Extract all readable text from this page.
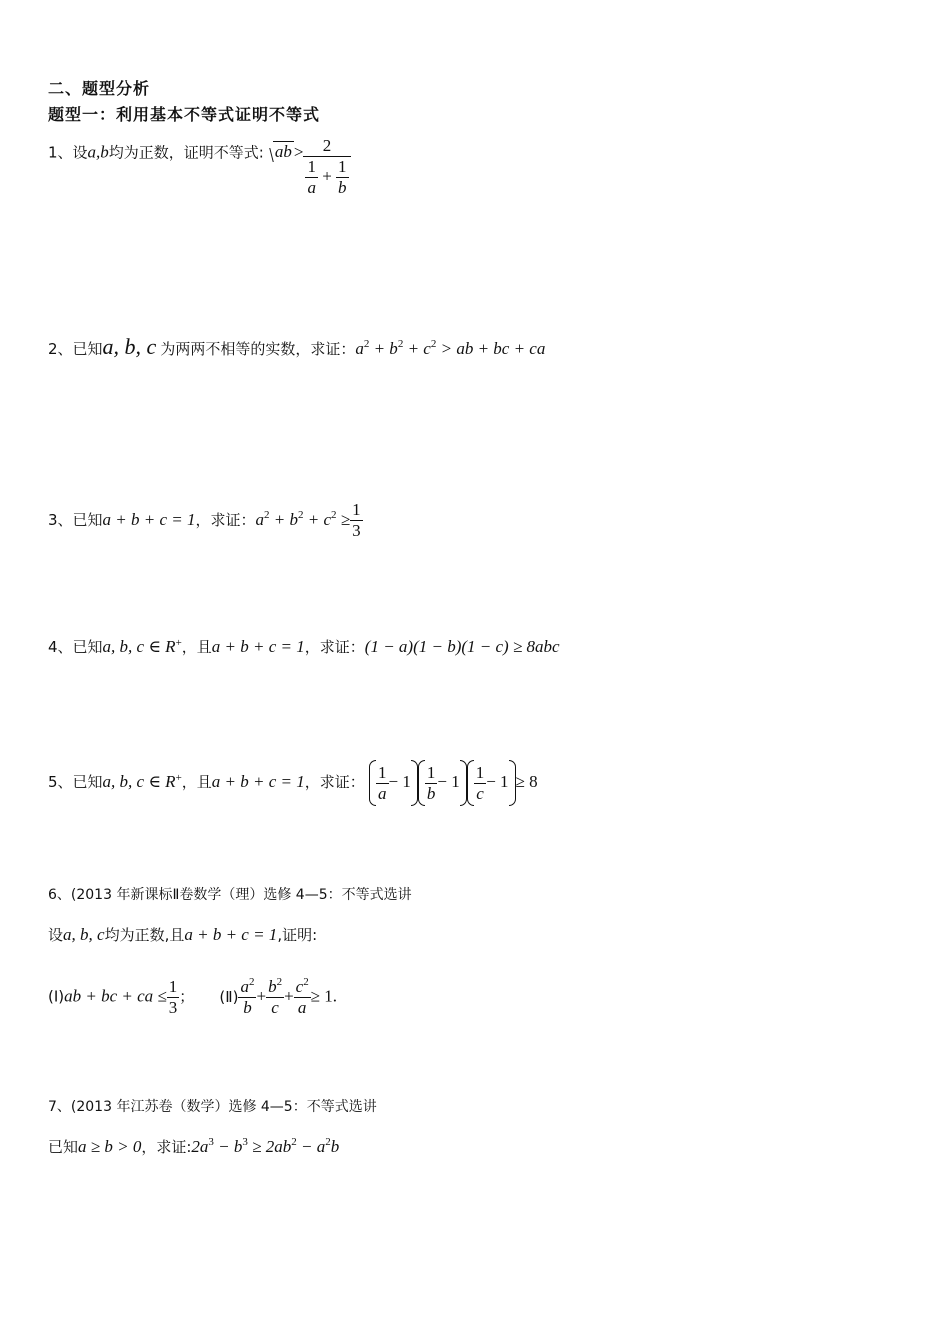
二、题型分析
题型一：利用基本不等式证明不等式
1、设a,b均为正数，证明不等式: ab > $\frac{2}{\frac{1}{a} + \frac{1}{b}}$
2、已知a, b, c 为两两不相等的实数，求证：$a^2 + b^2 + c^2$ > ab + bc + ca
3、已知a + b + c = 1，求证：$a^2 + b^2 + c^2 \ge \frac{1}{3}$
4、已知a, b, c ∈ R+，且a + b + c = 1，求证：(1 − a)(1 − b)(1 − c) ≥ 8abc
5、已知a, b, c ∈ R+，且a + b + c = 1，求证： $\frac{1}{a} - 1 \frac{1}{b} - 1 \frac{1}{c} - 1 \ge 8$
6、(2013 年新课标Ⅱ卷数学（理）选修 4—5：不等式选讲
设a, b, c均为正数,且a + b + c = 1,证明:
(Ⅰ)ab + bc + ca ≤ $\frac{1}{3}$ ； (Ⅱ) $\frac{a^2}{b} + \frac{b^2}{c} + \frac{c^2}{a} \ge 1$.
7、(2013 年江苏卷（数学）选修 4—5：不等式选讲
已知a ≥ b > 0，求证$:2a^3 - b^3 \ge 2ab^2 - a^2b$
